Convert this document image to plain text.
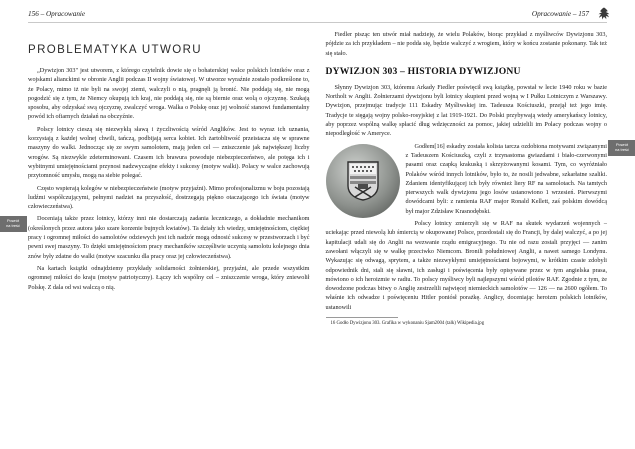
156 – Opracowanie	Opracowanie – 157
PROBLEMATYKA UTWORU
Powrót
na treść

„Dywizjon 303" jest utworem, z którego czytelnik dowie się o bohaterskiej walce polskich lotników oraz z wojskami alianckimi w obronie Anglii podczas II wojny światowej. W utworze wyraźnie zostało podkreślone to, że Polacy, mimo iż nie byli na swojej ziemi, walczyli o nią, pragnęli ją bronić. Nie poddają się, nie mogą pogodzić się z tym, że Niemcy okupują ich kraj, nie poddają się, nie są biernie oraz wolą o ojczyznę. Szukają sposobu, aby odzyskać swą ojczyznę, zwalczyć wroga. Walka o Polskę oraz jej wolność stanowi fundamentalny powód ich ofiarnych działań na obczyźnie.

Polscy lotnicy cieszą się niezwykłą sławą i życzliwością wśród Anglików. Jest to wyraz ich uznania, korzystają z każdej wolnej chwili, tańczą, podbijają serca kobiet. Ich żartobliwość przeistacza się w sprawne maszyny do walki. Jednocząc się ze swym samolotem, mają jeden cel — zniszczenie jak największej liczby wrogów. Są niezwykle zdeterminowani. Czasem ich brawura powoduje niebezpieczeństwo, ale potęga ich i wybitnymi umiejętnościami przynosi nadzwyczajne efekty i sukcesy (motyw walki). Polacy w walce zachowują przytomność umysłu, mogą na siebie polegać.

Często wspierają kolegów w niebezpieczeństwie (motyw przyjaźni). Mimo profesjonalizmu w boju pozostają ludźmi współczującymi, pełnymi nadziei na przyszłość, dostrzegają piękno otaczającego ich świata (motyw człowieczeństwa).

Doceniają także przez lotnicy, którzy inni nie dostarczają zadania leczniczego, a dokładnie mechanikom (określonych przez autora jako szare korzenie bujnych kwiatów). Ta działy ich wiedzy, umiejętnościom, ciężkiej pracy i ogromnej miłości do samolotów odziewych jest ich nadzór mogą odnosić sukcesy w przestworzach i być pewni swej maszyny. To dzięki umiejętnościom pracy mechaników szczęśliwie uczynią samolotu kolejnego dnia znów były zdatne do walki (motyw szacunku dla pracy oraz jej człowieczeństwa).

Na kartach książki odnajdziemy przykłady solidarności żołnierskiej, przyjaźni, ale przede wszystkim ogromnej miłości do kraju (motyw patriotyczny). Łączy ich wspólny cel – zniszczenie wroga, który zniewolił Polskę. Z dala od wsi walczą o nią.

Powrót
na treść

Fiedler pisząc ten utwór miał nadzieję, że wielu Polaków, biorąc przykład z myśliwców Dywizjonu 303, pójdzie za ich przykładem – nie podda się, będzie walczyć z wrogiem, który w końcu zostanie pokonany. Tak też się stało.

DYWIZJON 303 – HISTORIA DYWIZJONU

Słynny Dywizjon 303, któremu Arkady Fiedler poświęcił swą książkę, powstał w lecie 1940 roku w bazie Northolt w Anglii. Żołnierzami dywizjonu byli lotnicy skupieni przed wojną w I Pułku Lotniczym z Warszawy. Dywizjon, przejmując tradycje 111 Eskadry Myśliwskiej im. Tadeusza Kościuszki, przejął też jego imię. Tradycje te sięgają wojny polsko-rosyjskiej z lat 1919-1921. Do Polski przybywają wtedy amerykańscy lotnicy, aby poprzez wspólną walkę spłacić dług wdzięczności za pomoc, jakiej udzielili im Polacy podczas wojny o niepodległość w Ameryce.

Godłem[16] eskadry została kolista tarcza ozdobiona motywami związanymi z Tadeuszem Kościuszką, czyli z trzynastoma gwiazdami i biało-czerwonymi pasami oraz czapką krakuską i skrzyżowanymi kosami. Tym, co wyróżniało Polaków wśród innych lotników, było to, że nosili jedwabne, szkarłatne szaliki. Zdaniem identyfikującej ich były również liery RF na samolotach. Na tamtych pierwszych walk dywizjonu jego losów ustanowiono 1 wrzesień. Pierwszymi dowódcami byli: z ramienia RAF major Ronald Kellett, zaś polskim dowódcą był major Zdzisław Krasnodębski.

Polscy lotnicy zmierzyli się w RAF na skutek wydarzeń wojennych – uciekając przed niewolą lub śmiercią w okupowanej Polsce, przedostali się do Francji, by dalej walczyć, a po jej kapitulacji udali się do Anglii na wezwanie rządu emigracyjnego. Tu nie od razu zostali przyjęci — zanim zawołani włączyli się w walkę przeciwko Niemcom. Bronili południowej Anglii, a nawet samego Londynu. Wykazując się odwagą, sprytem, a także niezwykłymi umiejętnościami bojowymi, w krótkim czasie zdobyli odpowiednik dni, stali się sławni, ich zasługi i poświęcenia były opisywane przez w tym angielska prasa, mówiono o ich heroizmie w radiu. To polscy myśliwcy byli najlepszymi wśród pilotów RAF. Zgodnie z tym, że dowodzone podczas bitwy o Anglię zestrzelili najwięcej niemieckich samolotów — 126 — na 2600 ogółem. To właśnie ich odwadze i poświęceniu Hitler poniósł porażkę. Anglicy, doceniając heroizm polskich lotników, ustanowili

16 Godło Dywizjonu 303. Grafika w wykonaniu Sjam2004 (talk) Wikipedia.jpg
